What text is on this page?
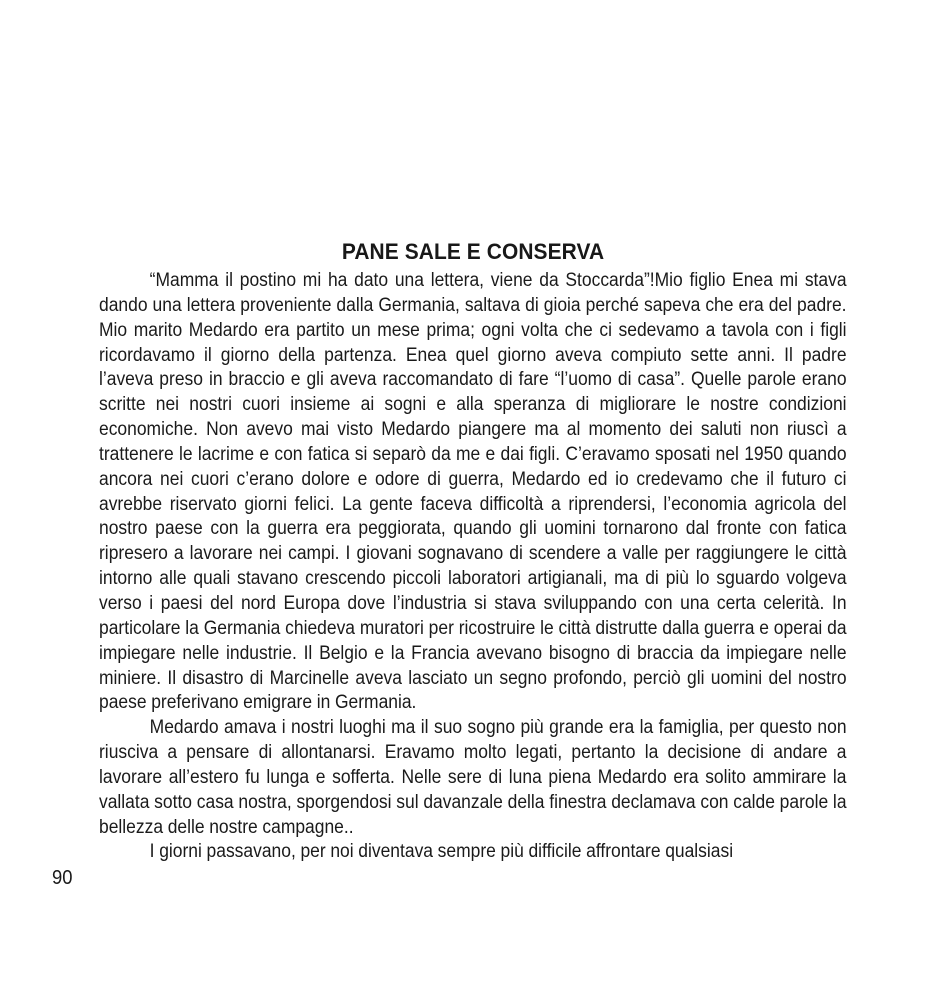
PANE SALE E CONSERVA

“Mamma il postino mi ha dato una lettera, viene da Stoccarda”!Mio figlio Enea mi stava dando una lettera proveniente dalla Germania, saltava di gioia perché sapeva che era del padre. Mio marito Medardo era partito un mese prima; ogni volta che ci sedevamo a tavola con i figli ricordavamo il giorno della partenza. Enea quel giorno aveva compiuto sette anni. Il padre l’aveva preso in braccio e gli aveva raccomandato di fare “l’uomo di casa”. Quelle parole erano scritte nei nostri cuori insieme ai sogni e alla speranza di migliorare le nostre condizioni economiche. Non avevo mai visto Medardo piangere ma al momento dei saluti non riuscì a trattenere le lacrime e con fatica si separò da me e dai figli. C’eravamo sposati nel 1950 quando ancora nei cuori c’erano dolore e odore di guerra, Medardo ed io credevamo che il futuro ci avrebbe riservato giorni felici. La gente faceva difficoltà a riprendersi, l’economia agricola del nostro paese con la guerra era peggiorata, quando gli uomini tornarono dal fronte con fatica ripresero a lavorare nei campi. I giovani sognavano di scendere a valle per raggiungere le città intorno alle quali stavano crescendo piccoli laboratori artigianali, ma di più lo sguardo volgeva verso i paesi del nord Europa dove l’industria si stava sviluppando con una certa celerità. In particolare la Germania chiedeva muratori per ricostruire le città distrutte dalla guerra e operai da impiegare nelle industrie. Il Belgio e la Francia avevano bisogno di braccia da impiegare nelle miniere. Il disastro di Marcinelle aveva lasciato un segno profondo, perciò gli uomini del nostro paese preferivano emigrare in Germania.

Medardo amava i nostri luoghi ma il suo sogno più grande era la famiglia, per questo non riusciva a pensare di allontanarsi. Eravamo molto legati, pertanto la decisione di andare a lavorare all’estero fu lunga e sofferta. Nelle sere di luna piena Medardo era solito ammirare la vallata sotto casa nostra, sporgendosi sul davanzale della finestra declamava con calde parole la bellezza delle nostre campagne..

I giorni passavano, per noi diventava sempre più difficile affrontare qualsiasi

90
